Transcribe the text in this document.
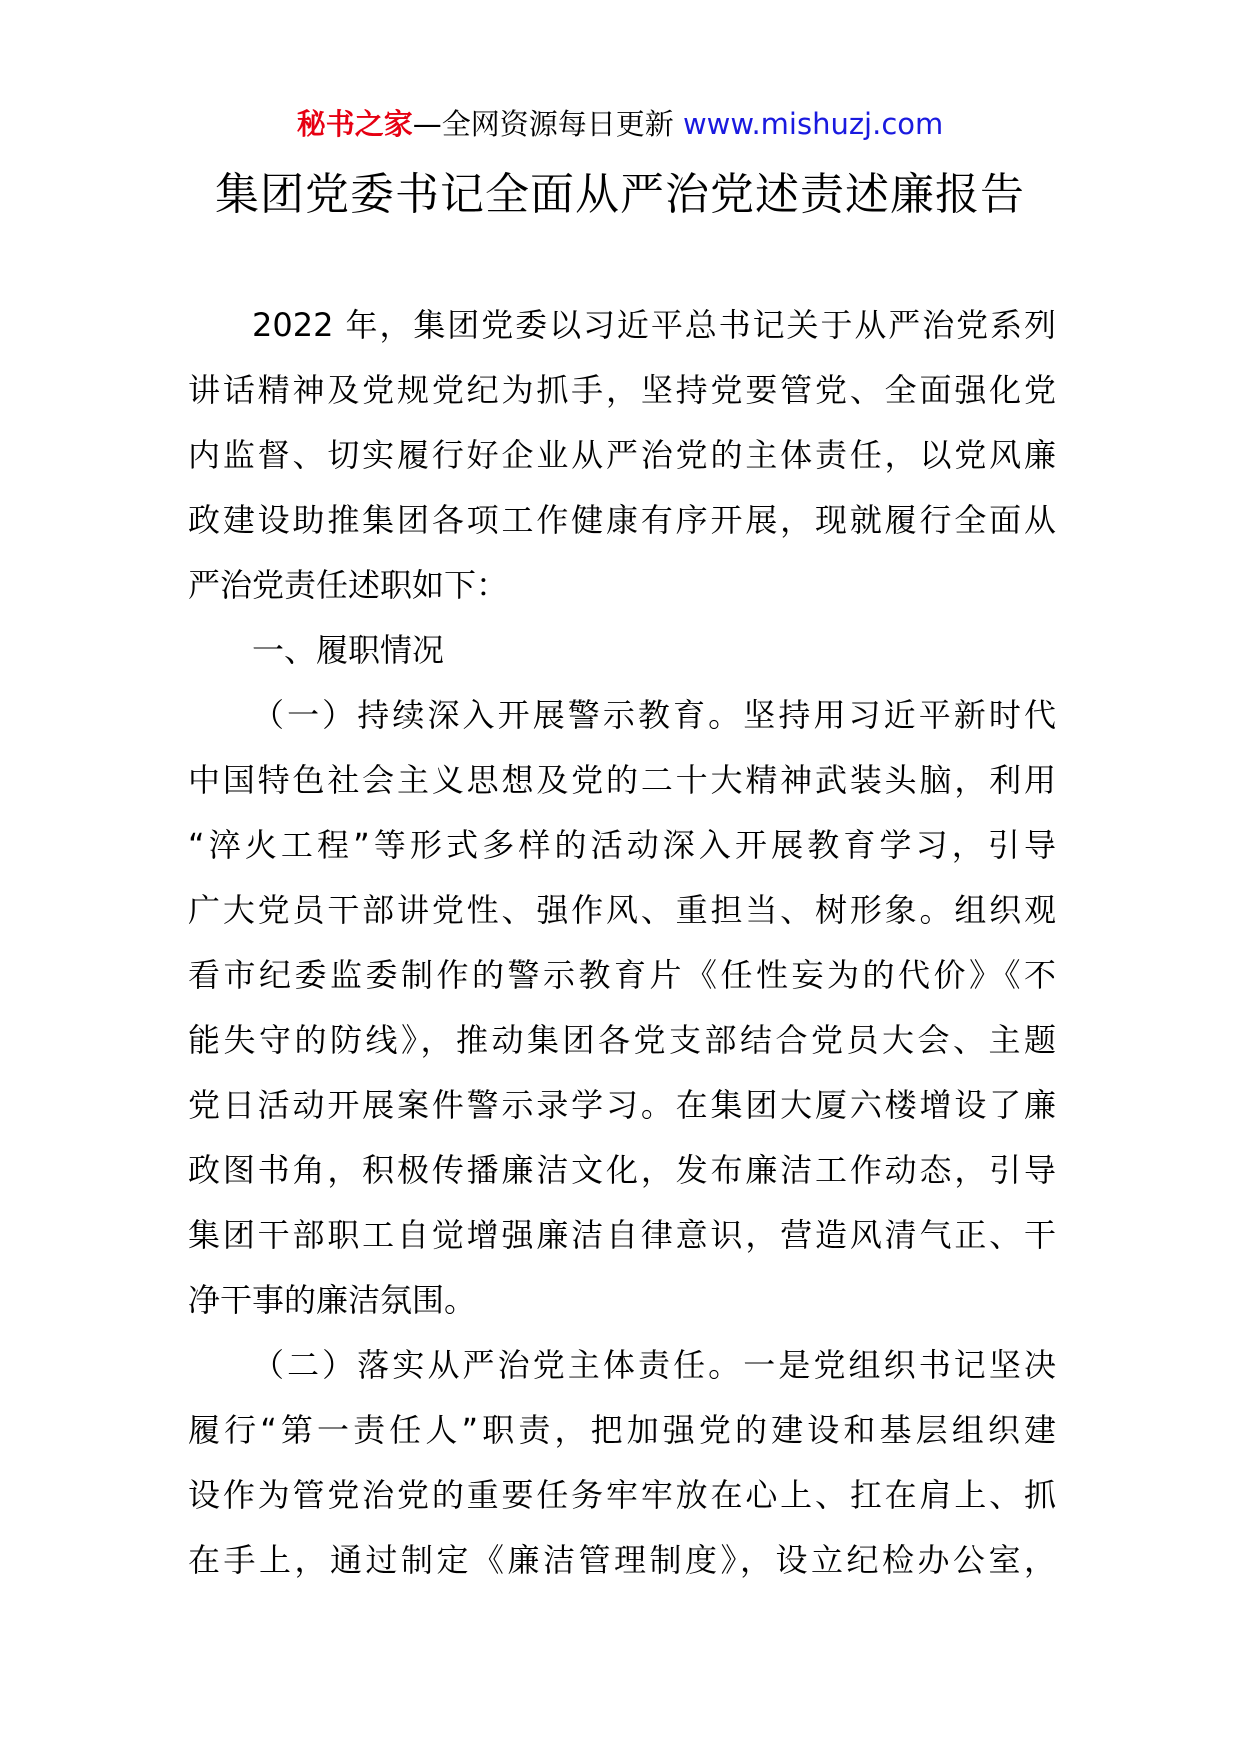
秘书之家—全网资源每日更新 www.mishuzj.com
集团党委书记全面从严治党述责述廉报告
2022 年，集团党委以习近平总书记关于从严治党系列
讲话精神及党规党纪为抓手，坚持党要管党、全面强化党
内监督、切实履行好企业从严治党的主体责任，以党风廉
政建设助推集团各项工作健康有序开展，现就履行全面从
严治党责任述职如下：
一、履职情况
（一）持续深入开展警示教育。坚持用习近平新时代
中国特色社会主义思想及党的二十大精神武装头脑，利用
“淬火工程”等形式多样的活动深入开展教育学习，引导
广大党员干部讲党性、强作风、重担当、树形象。组织观
看市纪委监委制作的警示教育片《任性妄为的代价》《不
能失守的防线》，推动集团各党支部结合党员大会、主题
党日活动开展案件警示录学习。在集团大厦六楼增设了廉
政图书角，积极传播廉洁文化，发布廉洁工作动态，引导
集团干部职工自觉增强廉洁自律意识，营造风清气正、干
净干事的廉洁氛围。
（二）落实从严治党主体责任。一是党组织书记坚决
履行“第一责任人”职责，把加强党的建设和基层组织建
设作为管党治党的重要任务牢牢放在心上、扛在肩上、抓
在手上，通过制定《廉洁管理制度》，设立纪检办公室，
